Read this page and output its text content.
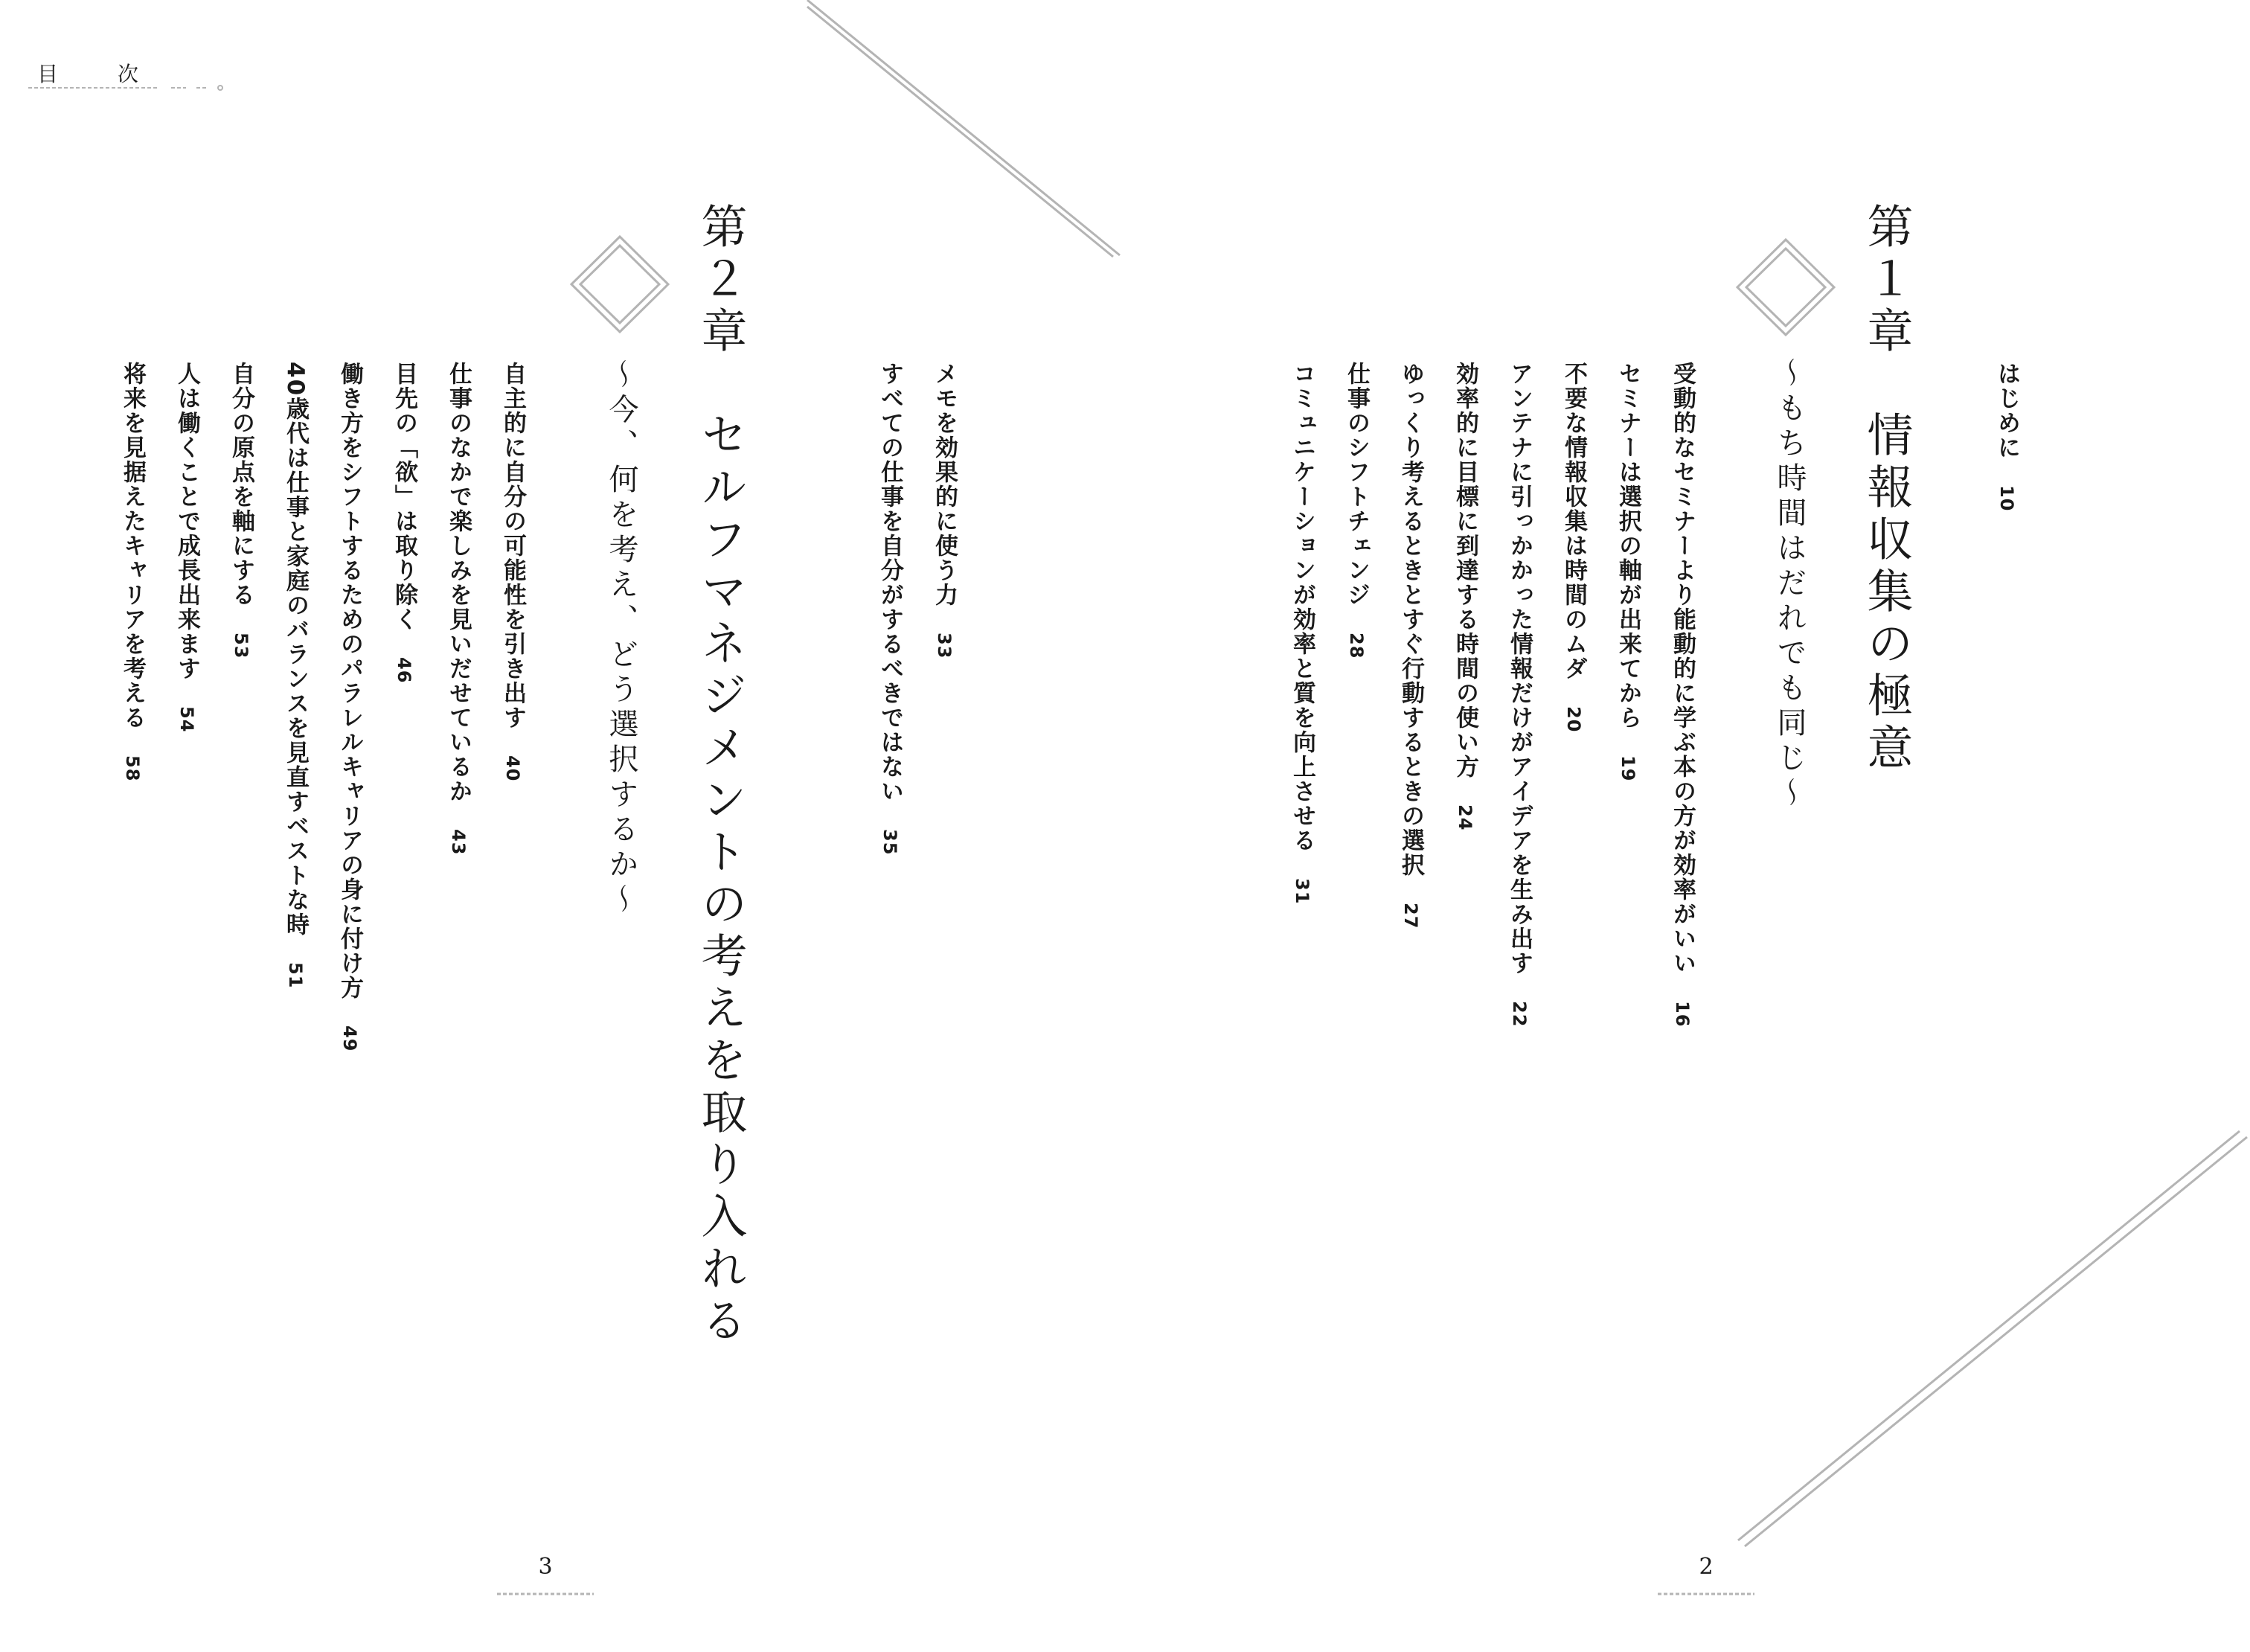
目　次
3	2
はじめに10
第１章　情報収集の極意
〜もち時間はだれでも同じ〜
受動的なセミナーより能動的に学ぶ本の方が効率がいい16
セミナーは選択の軸が出来てから19
不要な情報収集は時間のムダ20
アンテナに引っかかった情報だけがアイデアを生み出す22
効率的に目標に到達する時間の使い方24
ゆっくり考えるときとすぐ行動するときの選択27
仕事のシフトチェンジ28
コミュニケーションが効率と質を向上させる31
メモを効果的に使う力33
すべての仕事を自分がするべきではない35
第２章　セルフマネジメントの考えを取り入れる
〜今、何を考え、どう選択するか〜
自主的に自分の可能性を引き出す40
仕事のなかで楽しみを見いだせているか43
目先の「欲」は取り除く46
働き方をシフトするためのパラレルキャリアの身に付け方49
40歳代は仕事と家庭のバランスを見直すベストな時51
自分の原点を軸にする53
人は働くことで成長出来ます54
将来を見据えたキャリアを考える58
